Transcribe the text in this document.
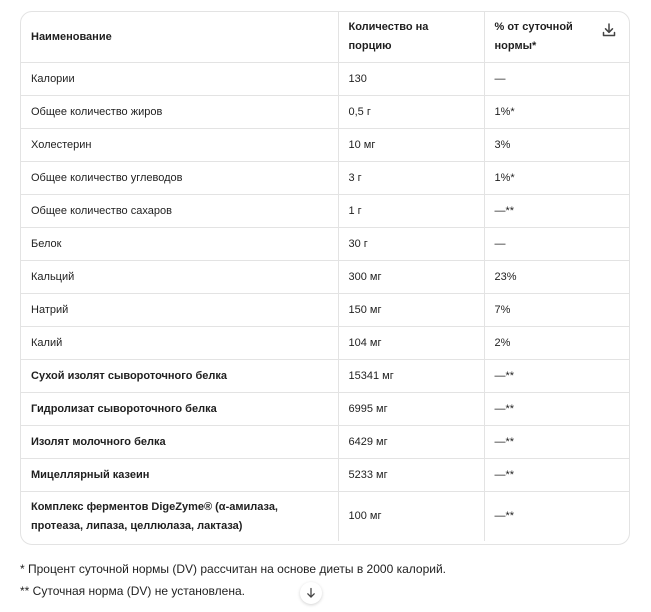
Наименование	Количество на порцию	% от суточной нормы*

Калории	130	—
Общее количество жиров	0,5 г	1%*
Холестерин	10 мг	3%
Общее количество углеводов	3 г	1%*
Общее количество сахаров	1 г	—**
Белок	30 г	—
Кальций	300 мг	23%
Натрий	150 мг	7%
Калий	104 мг	2%
Сухой изолят сывороточного белка	15341 мг	—**
Гидролизат сывороточного белка	6995 мг	—**
Изолят молочного белка	6429 мг	—**
Мицеллярный казеин	5233 мг	—**
Комплекс ферментов DigeZyme® (α-амилаза, протеаза, липаза, целлюлаза, лактаза)	100 мг	—**

* Процент суточной нормы (DV) рассчитан на основе диеты в 2000 калорий.

** Суточная норма (DV) не установлена.
